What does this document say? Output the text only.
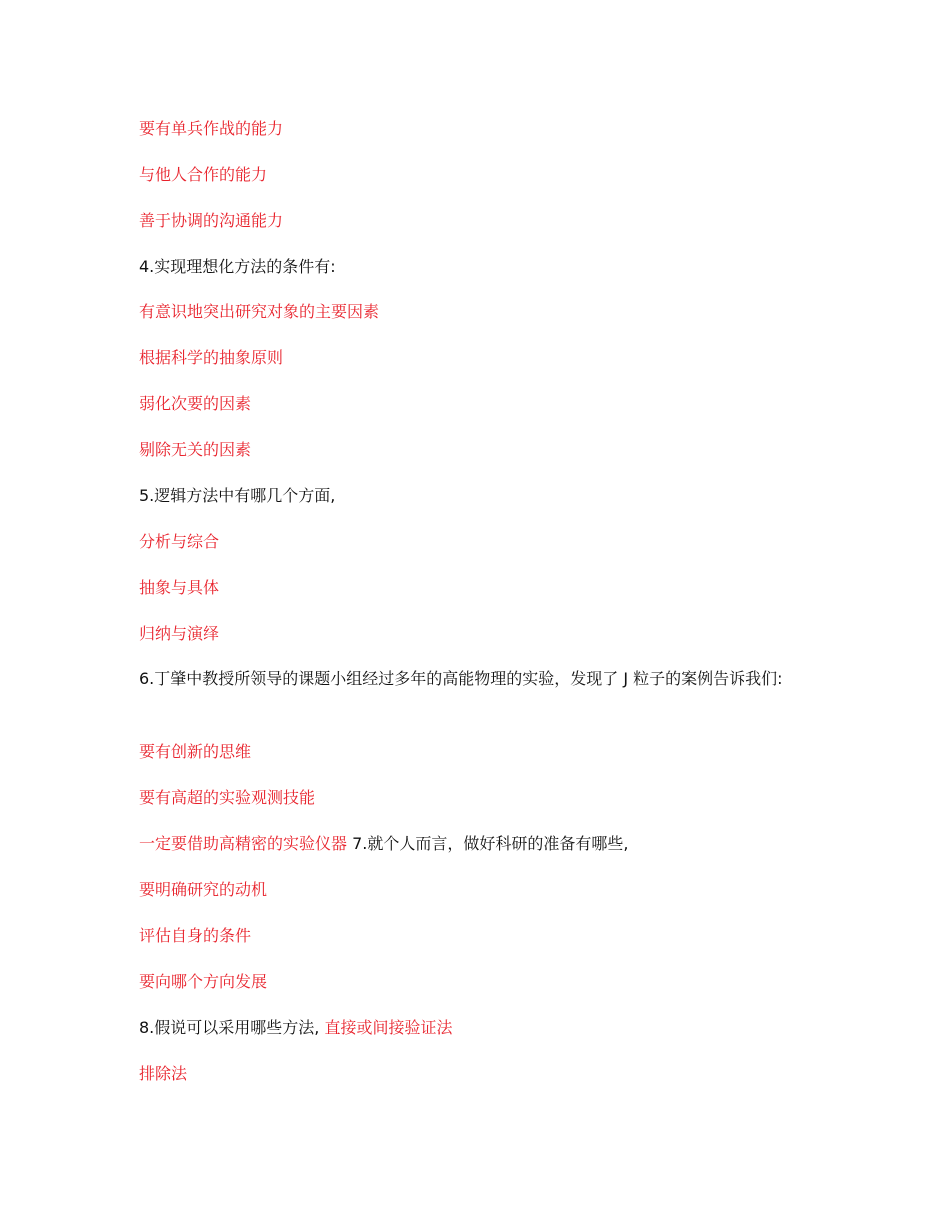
要有单兵作战的能力
与他人合作的能力
善于协调的沟通能力
4.实现理想化方法的条件有:
有意识地突出研究对象的主要因素
根据科学的抽象原则
弱化次要的因素
剔除无关的因素
5.逻辑方法中有哪几个方面,
分析与综合
抽象与具体
归纳与演绎
6.丁肇中教授所领导的课题小组经过多年的高能物理的实验，发现了 J 粒子的案例告诉我们:
要有创新的思维
要有高超的实验观测技能
一定要借助高精密的实验仪器 7.就个人而言，做好科研的准备有哪些,
要明确研究的动机
评估自身的条件
要向哪个方向发展
8.假说可以采用哪些方法, 直接或间接验证法
排除法
